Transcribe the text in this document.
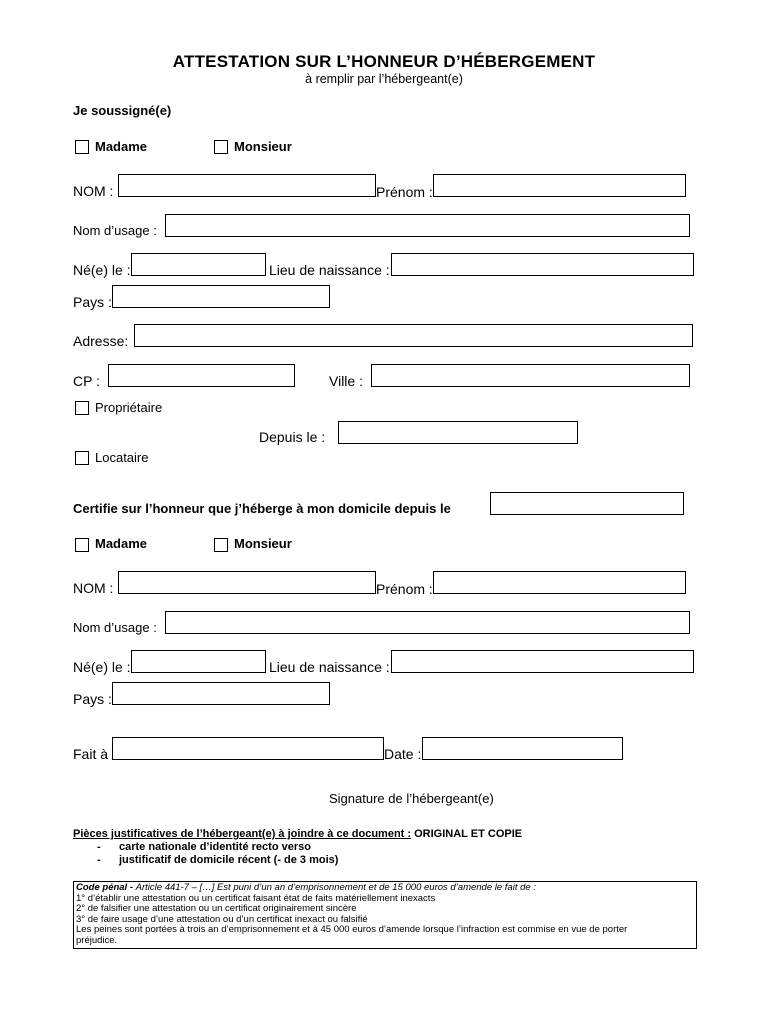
ATTESTATION SUR L’HONNEUR D’HÉBERGEMENT
à remplir par l’hébergeant(e)
Je soussigné(e)
Madame	Monsieur
NOM :	Prénom :
Nom d’usage :
Né(e) le :	Lieu de naissance :
Pays :
Adresse:
CP :	Ville :
Propriétaire
Depuis le :
Locataire
Certifie sur l’honneur que j’héberge à mon domicile depuis le
Madame	Monsieur
NOM :	Prénom :
Nom d’usage :
Né(e) le :	Lieu de naissance :
Pays :
Fait à	Date :
Signature de l’hébergeant(e)
Pièces justificatives de l’hébergeant(e) à joindre à ce document : ORIGINAL ET COPIE
- carte nationale d’identité recto verso
- justificatif de domicile récent (- de 3 mois)
Code pénal - Article 441-7 – […] Est puni d’un an d’emprisonnement et de 15 000 euros d’amende le fait de :
1° d’établir une attestation ou un certificat faisant état de faits matériellement inexacts
2° de falsifier une attestation ou un certificat originairement sincère
3° de faire usage d’une attestation ou d’un certificat inexact ou falsifié
Les peines sont portées à trois an d’emprisonnement et à 45 000 euros d’amende lorsque l’infraction est commise en vue de porter
préjudice.
